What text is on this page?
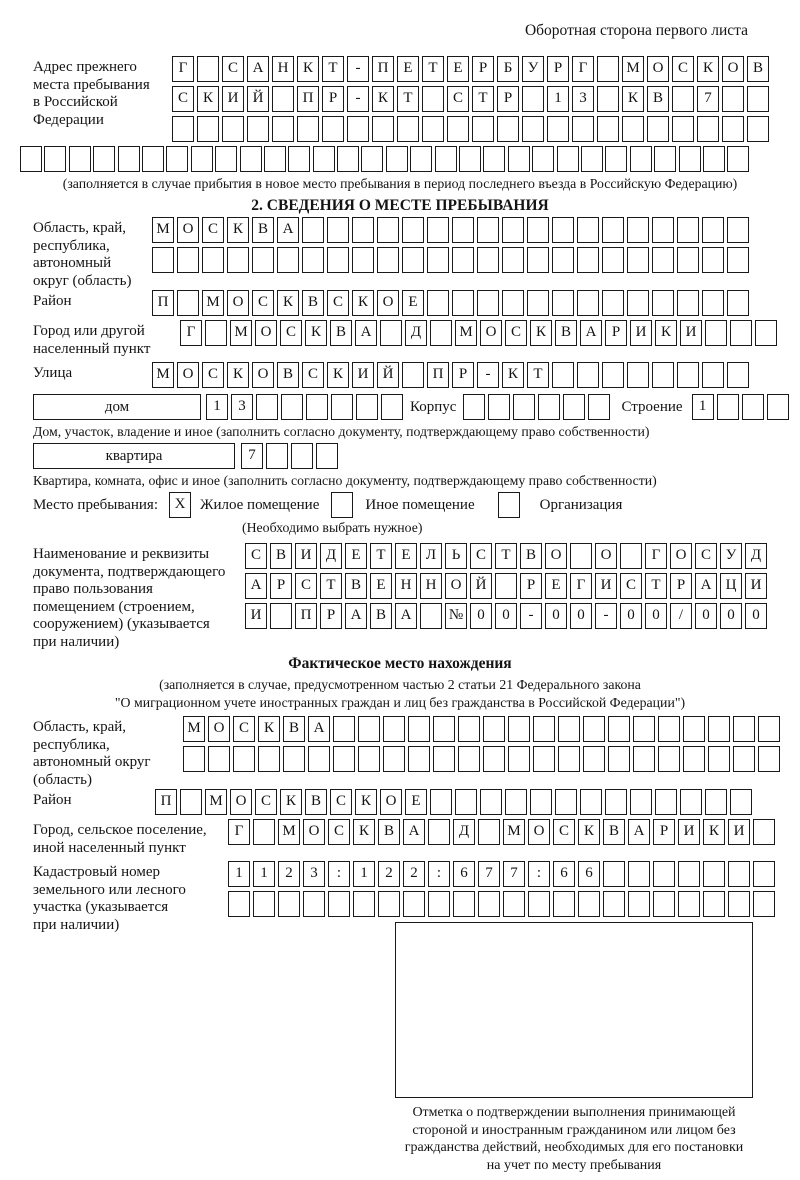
Оборотная сторона первого листа
Адрес прежнего
места пребывания
в Российской
Федерации
Г	С А Н К	Т	-	П Е	Т	Е	Р	Б	У	Р	Г	М О С К О В
С К И Й	П	Р	-	К	Т	С	Т	Р	1	3	К В	7
(заполняется в случае прибытия в новое место пребывания в период последнего въезда в Российскую Федерацию)
2. СВЕДЕНИЯ О МЕСТЕ ПРЕБЫВАНИЯ
Область, край,
республика,
автономный
округ (область)
М О С К В А
Район	П	М О С К В С К О Е
Город или другой
населенный пункт
Г	М О С К В А	Д	М О С К В А	Р	И К И
Улица	М О С К О В С К И Й	П	Р	-	К	Т
дом	1	3	Корпус	Строение	1
Дом, участок, владение и иное (заполнить согласно документу, подтверждающему право собственности)
квартира	7
Квартира, комната, офис и иное (заполнить согласно документу, подтверждающему право собственности)
Место пребывания:	X Жилое помещение	Иное помещение	Организация
(Необходимо выбрать нужное)
Наименование и реквизиты
документа, подтверждающего
право пользования
помещением (строением,
сооружением) (указывается
при наличии)
С В И Д	Е	Т	Е	Л	Ь	С	Т	В О	О	Г	О С У Д
А	Р	С	Т	В	Е	Н Н О Й	Р	Е	Г	И С	Т	Р	А Ц И
И	П	Р	А В А	№ 0	0	-	0	0	-	0	0	/	0	0	0
Фактическое место нахождения
(заполняется в случае, предусмотренном частью 2 статьи 21 Федерального закона
"О миграционном учете иностранных граждан и лиц без гражданства в Российской Федерации")
Область, край,
республика,
автономный округ
(область)
М О С К В А
Район	П	М О С К В С К О Е
Город, сельское поселение,
иной населенный пункт
Г	М О С К В А	Д	М О С К В А	Р	И К И
Кадастровый номер
земельного или лесного
участка (указывается
при наличии)
1	1	2	3	:	1	2	2	:	6	7	7	:	6	6
Отметка о подтверждении выполнения принимающей
стороной и иностранным гражданином или лицом без
гражданства действий, необходимых для его постановки
на учет по месту пребывания
